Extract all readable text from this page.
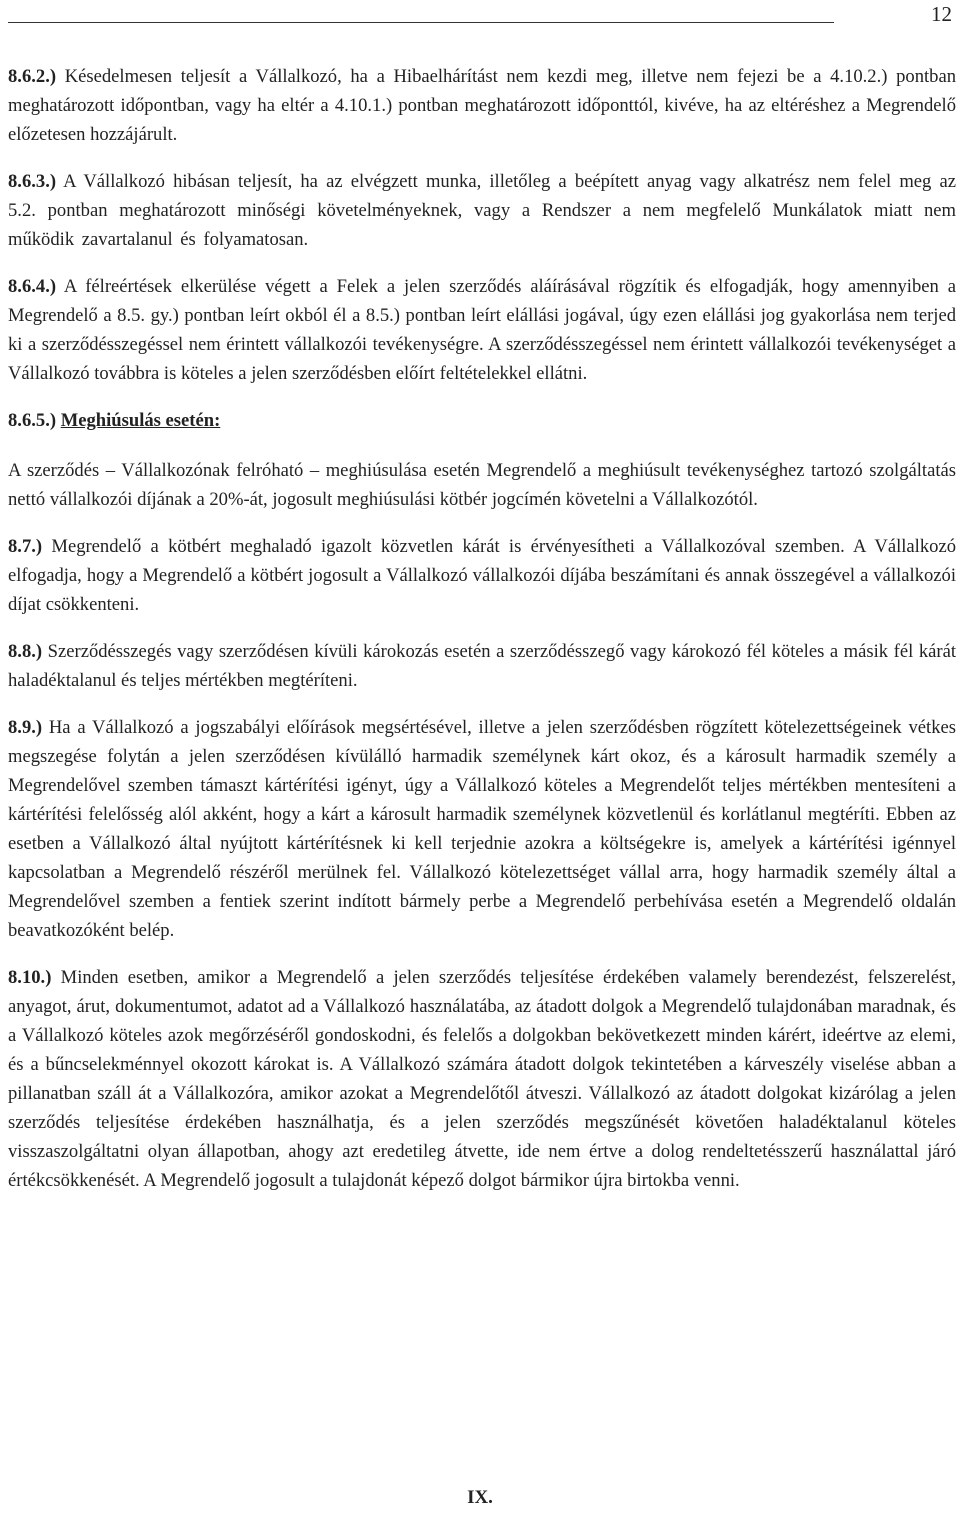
12

8.6.2.) Késedelmesen teljesít a Vállalkozó, ha a Hibaelhárítást nem kezdi meg, illetve nem fejezi be a 4.10.2.) pontban meghatározott időpontban, vagy ha eltér a 4.10.1.) pontban meghatározott időponttól, kivéve, ha az eltéréshez a Megrendelő előzetesen hozzájárult.

8.6.3.) A Vállalkozó hibásan teljesít, ha az elvégzett munka, illetőleg a beépített anyag vagy alkatrész nem felel meg az 5.2. pontban meghatározott minőségi követelményeknek, vagy a Rendszer a nem megfelelő Munkálatok miatt nem működik zavartalanul és folyamatosan.

8.6.4.) A félreértések elkerülése végett a Felek a jelen szerződés aláírásával rögzítik és elfogadják, hogy amennyiben a Megrendelő a 8.5. gy.) pontban leírt okból él a 8.5.) pontban leírt elállási jogával, úgy ezen elállási jog gyakorlása nem terjed ki a szerződésszegéssel nem érintett vállalkozói tevékenységre. A szerződésszegéssel nem érintett vállalkozói tevékenységet a Vállalkozó továbbra is köteles a jelen szerződésben előírt feltételekkel ellátni.

8.6.5.) Meghiúsulás esetén:

A szerződés – Vállalkozónak felróható – meghiúsulása esetén Megrendelő a meghiúsult tevékenységhez tartozó szolgáltatás nettó vállalkozói díjának a 20%-át, jogosult meghiúsulási kötbér jogcímén követelni a Vállalkozótól.

8.7.) Megrendelő a kötbért meghaladó igazolt közvetlen kárát is érvényesítheti a Vállalkozóval szemben. A Vállalkozó elfogadja, hogy a Megrendelő a kötbért jogosult a Vállalkozó vállalkozói díjába beszámítani és annak összegével a vállalkozói díjat csökkenteni.

8.8.) Szerződésszegés vagy szerződésen kívüli károkozás esetén a szerződésszegő vagy károkozó fél köteles a másik fél kárát haladéktalanul és teljes mértékben megtéríteni.

8.9.) Ha a Vállalkozó a jogszabályi előírások megsértésével, illetve a jelen szerződésben rögzített kötelezettségeinek vétkes megszegése folytán a jelen szerződésen kívülálló harmadik személynek kárt okoz, és a károsult harmadik személy a Megrendelővel szemben támaszt kártérítési igényt, úgy a Vállalkozó köteles a Megrendelőt teljes mértékben mentesíteni a kártérítési felelősség alól akként, hogy a kárt a károsult harmadik személynek közvetlenül és korlátlanul megtéríti. Ebben az esetben a Vállalkozó által nyújtott kártérítésnek ki kell terjednie azokra a költségekre is, amelyek a kártérítési igénnyel kapcsolatban a Megrendelő részéről merülnek fel. Vállalkozó kötelezettséget vállal arra, hogy harmadik személy által a Megrendelővel szemben a fentiek szerint indított bármely perbe a Megrendelő perbehívása esetén a Megrendelő oldalán beavatkozóként belép.

8.10.) Minden esetben, amikor a Megrendelő a jelen szerződés teljesítése érdekében valamely berendezést, felszerelést, anyagot, árut, dokumentumot, adatot ad a Vállalkozó használatába, az átadott dolgok a Megrendelő tulajdonában maradnak, és a Vállalkozó köteles azok megőrzéséről gondoskodni, és felelős a dolgokban bekövetkezett minden kárért, ideértve az elemi, és a bűncselekménnyel okozott károkat is. A Vállalkozó számára átadott dolgok tekintetében a kárveszély viselése abban a pillanatban száll át a Vállalkozóra, amikor azokat a Megrendelőtől átveszi. Vállalkozó az átadott dolgokat kizárólag a jelen szerződés teljesítése érdekében használhatja, és a jelen szerződés megszűnését követően haladéktalanul köteles visszaszolgáltatni olyan állapotban, ahogy azt eredetileg átvette, ide nem értve a dolog rendeltetésszerű használattal járó értékcsökkenését. A Megrendelő jogosult a tulajdonát képező dolgot bármikor újra birtokba venni.

IX.
